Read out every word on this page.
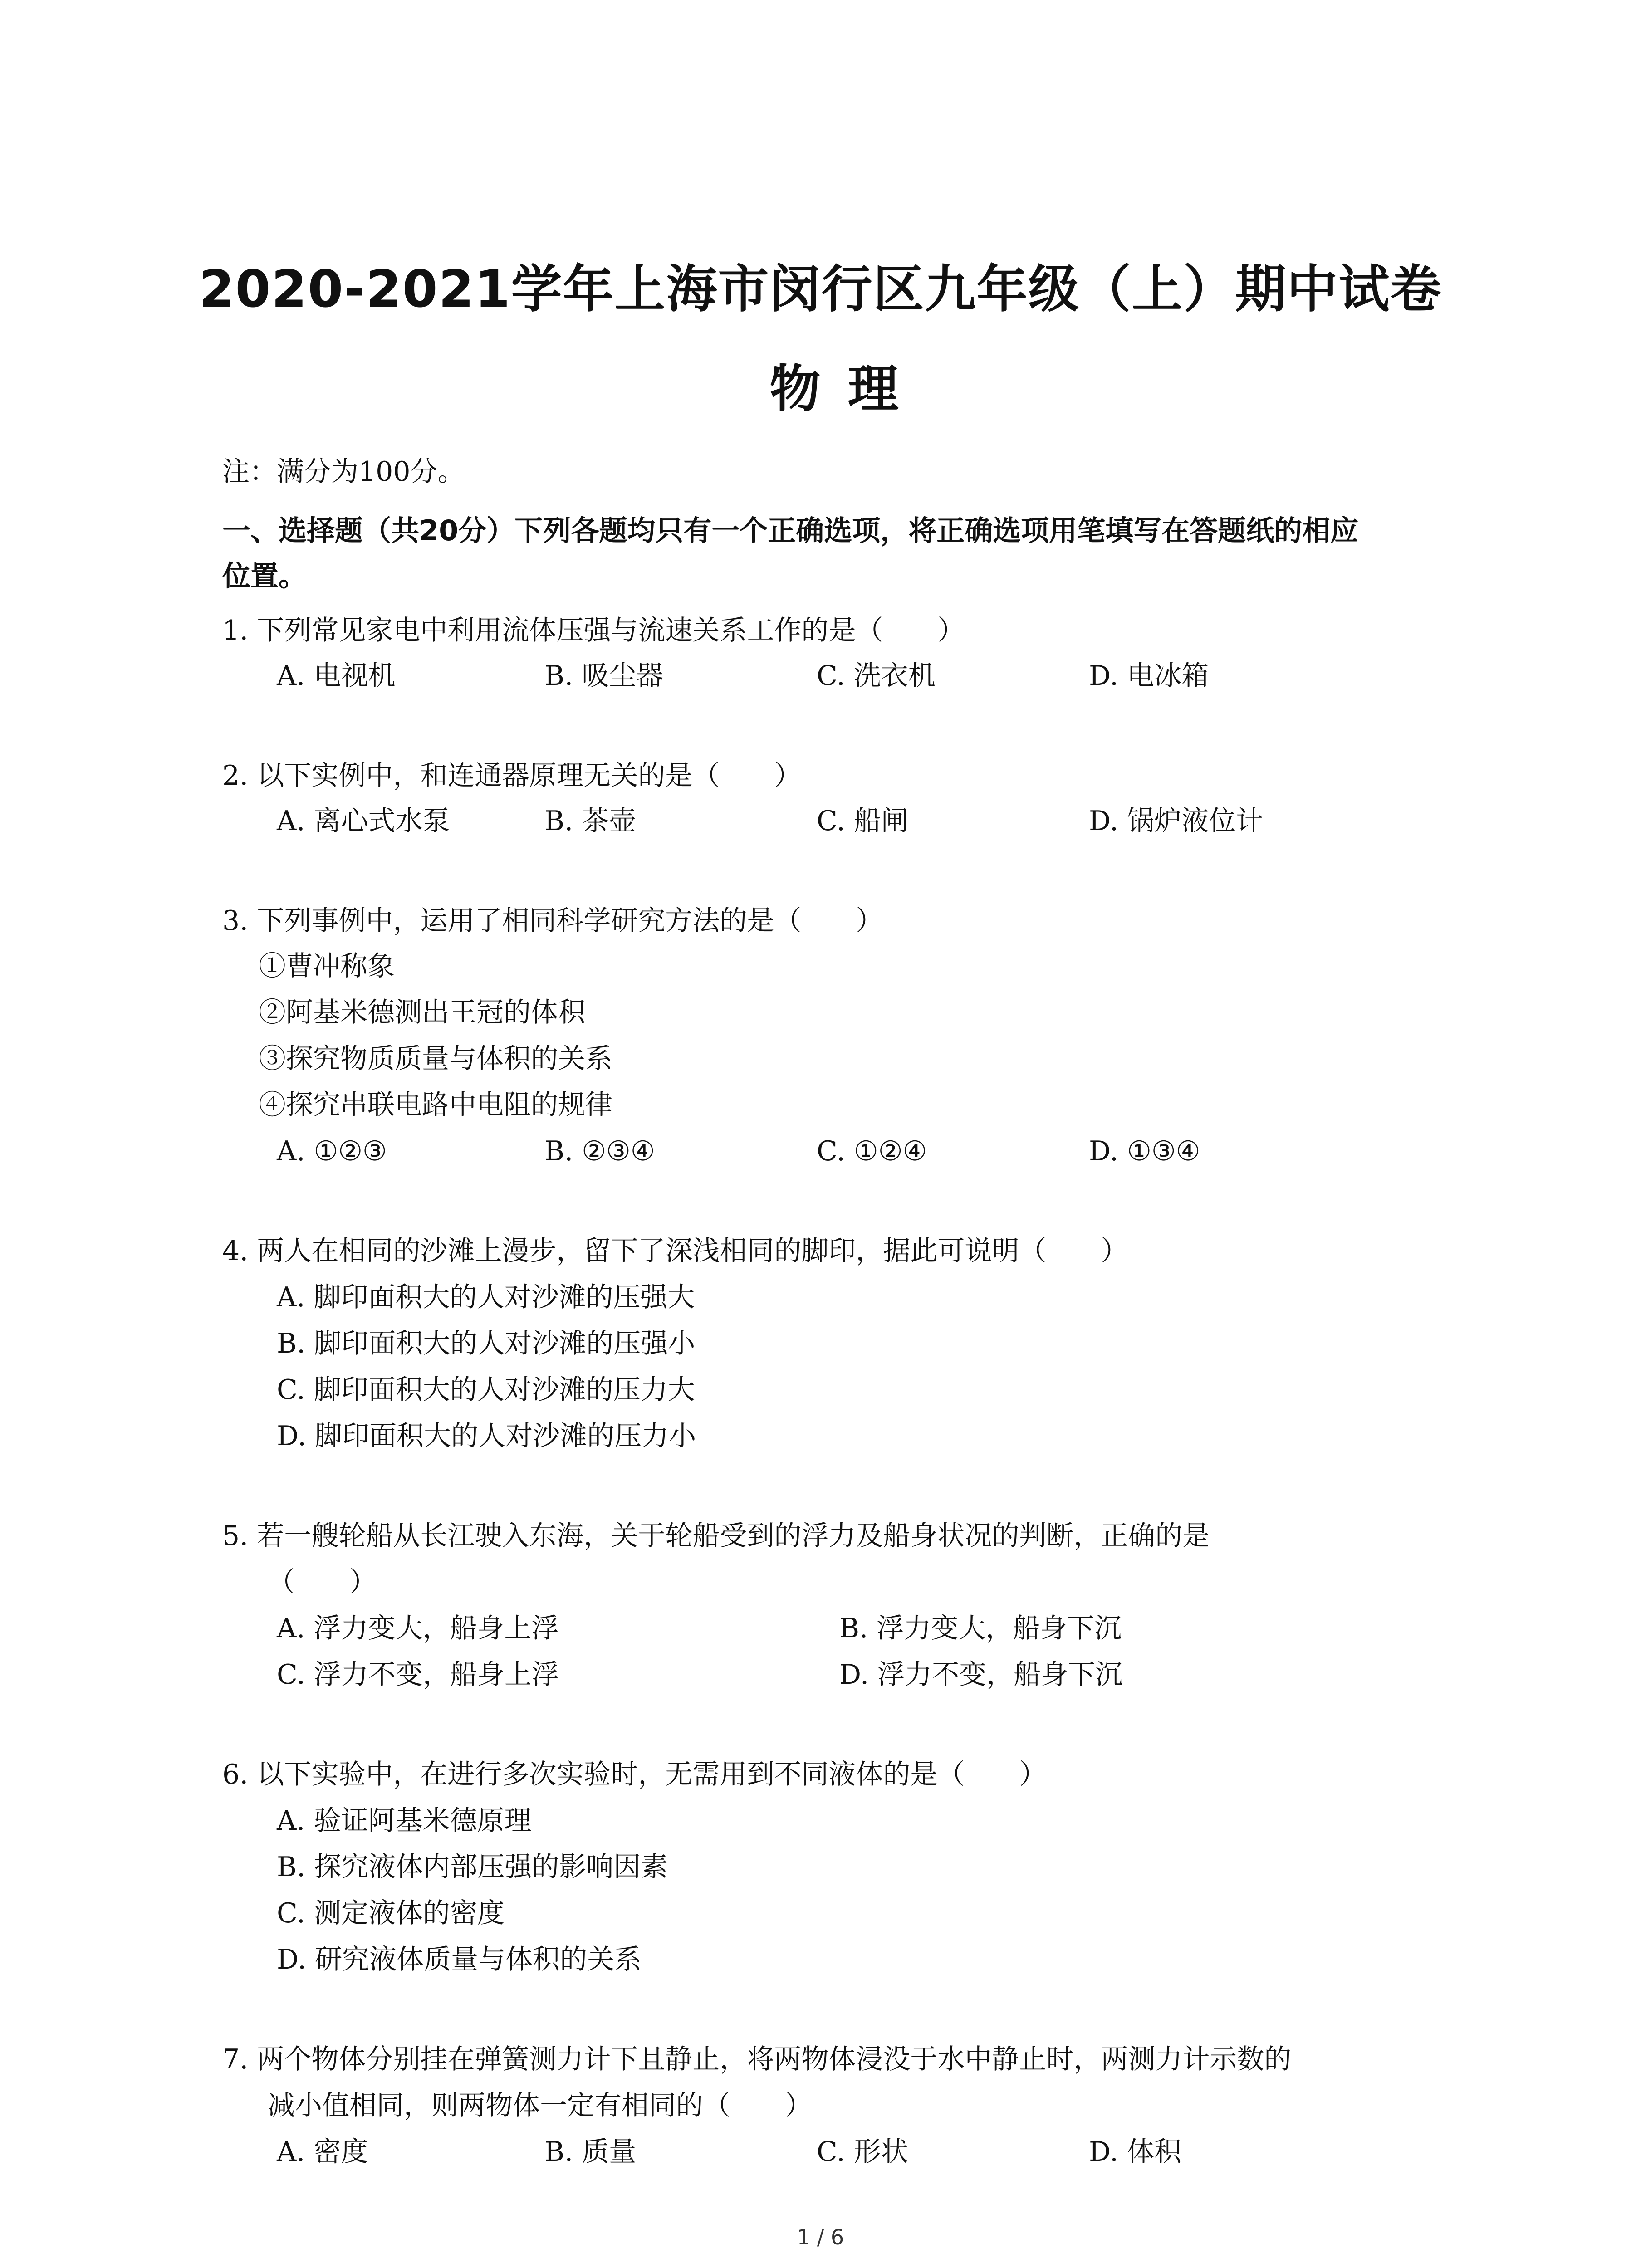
2020-2021学年上海市闵行区九年级（上）期中试卷
物理
注：满分为100分。
一、选择题（共20分）下列各题均只有一个正确选项，将正确选项用笔填写在答题纸的相应
位置。
1. 下列常见家电中利用流体压强与流速关系工作的是（　　）
A. 电视机	B. 吸尘器	C. 洗衣机	D. 电冰箱
2. 以下实例中，和连通器原理无关的是（　　）
A. 离心式水泵	B. 茶壶	C. 船闸	D. 锅炉液位计
3. 下列事例中，运用了相同科学研究方法的是（　　）
①曹冲称象
②阿基米德测出王冠的体积
③探究物质质量与体积的关系
④探究串联电路中电阻的规律
A. ①②③	B. ②③④	C. ①②④	D. ①③④
4. 两人在相同的沙滩上漫步，留下了深浅相同的脚印，据此可说明（　　）
A. 脚印面积大的人对沙滩的压强大
B. 脚印面积大的人对沙滩的压强小
C. 脚印面积大的人对沙滩的压力大
D. 脚印面积大的人对沙滩的压力小
5. 若一艘轮船从长江驶入东海，关于轮船受到的浮力及船身状况的判断，正确的是
（　　）
A. 浮力变大，船身上浮	B. 浮力变大，船身下沉
C. 浮力不变，船身上浮	D. 浮力不变，船身下沉
6. 以下实验中，在进行多次实验时，无需用到不同液体的是（　　）
A. 验证阿基米德原理
B. 探究液体内部压强的影响因素
C. 测定液体的密度
D. 研究液体质量与体积的关系
7. 两个物体分别挂在弹簧测力计下且静止，将两物体浸没于水中静止时，两测力计示数的
减小值相同，则两物体一定有相同的（　　）
A. 密度	B. 质量	C. 形状	D. 体积
1 / 6
